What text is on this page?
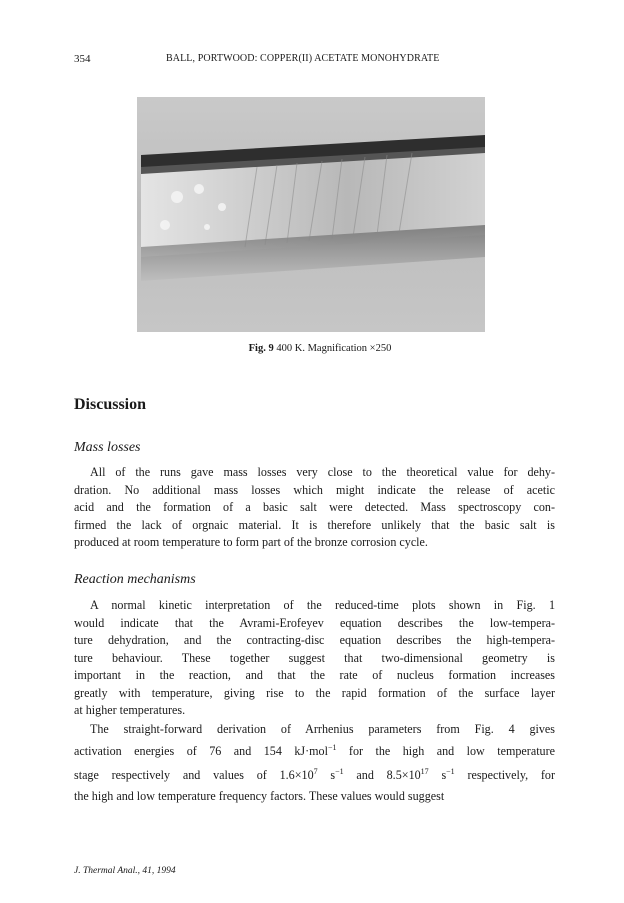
354	BALL, PORTWOOD: COPPER(II) ACETATE MONOHYDRATE
Fig. 9 400 K. Magnification ×250
Discussion
Mass losses
All of the runs gave mass losses very close to the theoretical value for dehy-
dration. No additional mass losses which might indicate the release of acetic
acid and the formation of a basic salt were detected. Mass spectroscopy con-
firmed the lack of orgnaic material. It is therefore unlikely that the basic salt is
produced at room temperature to form part of the bronze corrosion cycle.
Reaction mechanisms
A normal kinetic interpretation of the reduced-time plots shown in Fig. 1
would indicate that the Avrami-Erofeyev equation describes the low-tempera-
ture dehydration, and the contracting-disc equation describes the high-tempera-
ture behaviour. These together suggest that two-dimensional geometry is
important in the reaction, and that the rate of nucleus formation increases
greatly with temperature, giving rise to the rapid formation of the surface layer
at higher temperatures.
The straight-forward derivation of Arrhenius parameters from Fig. 4 gives
activation energies of 76 and 154 kJ·mol$^{-1}$ for the high and low temperature
stage respectively and values of $1.6\times 10^7$ $s^{-1}$ and $8.5\times 10^{17}$ $s^{-1}$ respectively, for
the high and low temperature frequency factors. These values would suggest
J. Thermal Anal., 41, 1994
